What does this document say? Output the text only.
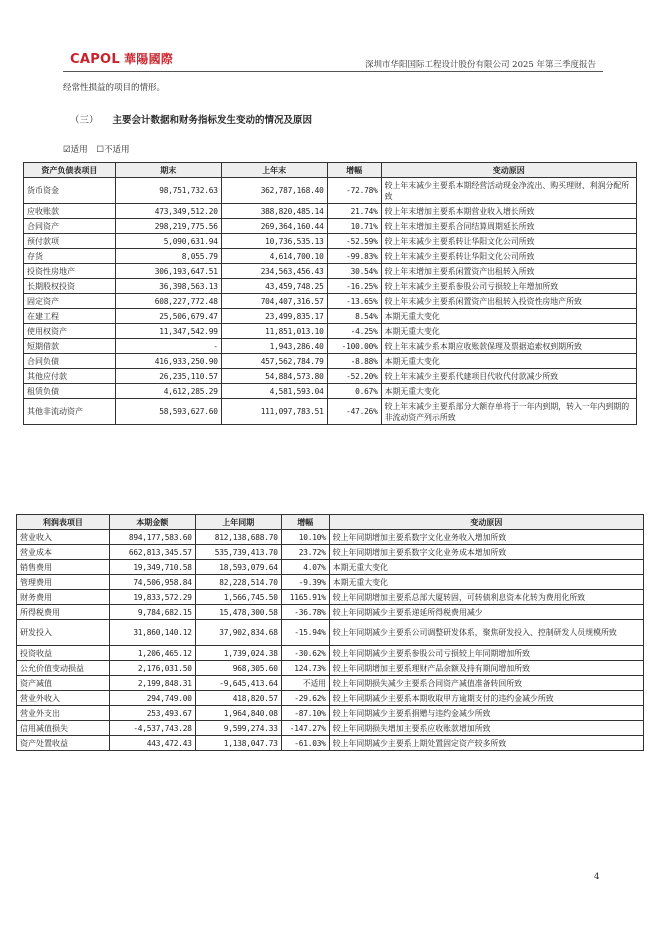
CAPOL 華陽國際	深圳市华阳国际工程设计股份有限公司 2025 年第三季度报告
经常性损益的项目的情形。
（三） 主要会计数据和财务指标发生变动的情况及原因
☑适用 ☐不适用
资产负债表项目	期末	上年末	增幅	变动原因
货币资金	98,751,732.63	362,787,168.40	-72.78%	较上年末减少主要系本期经营活动现金净流出、购买理财、利润分配所致
应收账款	473,349,512.20	388,820,485.14	21.74%	较上年末增加主要系本期营业收入增长所致
合同资产	298,219,775.56	269,364,160.44	10.71%	较上年末增加主要系合同结算周期延长所致
预付款项	5,090,631.94	10,736,535.13	-52.59%	较上年末减少主要系转让华阳文化公司所致
存货	8,055.79	4,614,700.10	-99.83%	较上年末减少主要系转让华阳文化公司所致
投资性房地产	306,193,647.51	234,563,456.43	30.54%	较上年末增加主要系闲置资产出租转入所致
长期股权投资	36,398,563.13	43,459,748.25	-16.25%	较上年末减少主要系参股公司亏损较上年增加所致
固定资产	608,227,772.48	704,407,316.57	-13.65%	较上年末减少主要系闲置资产出租转入投资性房地产所致
在建工程	25,506,679.47	23,499,835.17	8.54%	本期无重大变化
使用权资产	11,347,542.99	11,851,013.10	-4.25%	本期无重大变化
短期借款	-	1,943,286.40	-100.00%	较上年末减少系本期应收账款保理及票据追索权到期所致
合同负债	416,933,250.90	457,562,784.79	-8.88%	本期无重大变化
其他应付款	26,235,110.57	54,884,573.80	-52.20%	较上年末减少主要系代建项目代收代付款减少所致
租赁负债	4,612,285.29	4,581,593.04	0.67%	本期无重大变化
其他非流动资产	58,593,627.60	111,097,783.51	-47.26%	较上年末减少主要系部分大额存单将于一年内到期，转入一年内到期的非流动资产列示所致
利润表项目	本期金额	上年同期	增幅	变动原因
营业收入	894,177,583.60	812,138,688.70	10.10%	较上年同期增加主要系数字文化业务收入增加所致
营业成本	662,813,345.57	535,739,413.70	23.72%	较上年同期增加主要系数字文化业务成本增加所致
销售费用	19,349,710.58	18,593,079.64	4.07%	本期无重大变化
管理费用	74,506,958.84	82,228,514.70	-9.39%	本期无重大变化
财务费用	19,833,572.29	1,566,745.50	1165.91%	较上年同期增加主要系总部大厦转固，可转债利息资本化转为费用化所致
所得税费用	9,784,682.15	15,478,300.58	-36.78%	较上年同期减少主要系递延所得税费用减少
研发投入	31,860,140.12	37,902,834.68	-15.94%	较上年同期减少主要系公司调整研发体系，聚焦研发投入、控制研发人员规模所致
投资收益	1,206,465.12	1,739,024.38	-30.62%	较上年同期减少主要系参股公司亏损较上年同期增加所致
公允价值变动损益	2,176,031.50	968,305.60	124.73%	较上年同期增加主要系理财产品余额及持有期间增加所致
资产减值	2,199,848.31	-9,645,413.64	不适用	较上年同期损失减少主要系合同资产减值准备转回所致
营业外收入	294,749.00	418,820.57	-29.62%	较上年同期减少主要系本期收取甲方逾期支付的违约金减少所致
营业外支出	253,493.67	1,964,840.08	-87.10%	较上年同期减少主要系捐赠与违约金减少所致
信用减值损失	-4,537,743.28	9,599,274.33	-147.27%	较上年同期损失增加主要系应收账款增加所致
资产处置收益	443,472.43	1,138,047.73	-61.03%	较上年同期减少主要系上期处置固定资产较多所致
4
